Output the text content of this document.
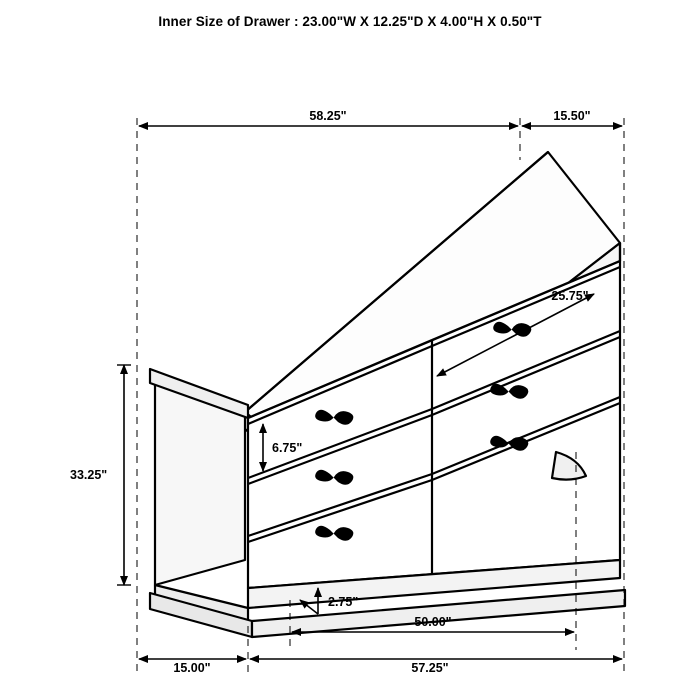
Inner Size of Drawer : 23.00"W X 12.25"D X 4.00"H X 0.50"T
58.25"	15.50"
25.75"
6.75"
33.25"
2.75"
15.00"	57.25"
50.00"
